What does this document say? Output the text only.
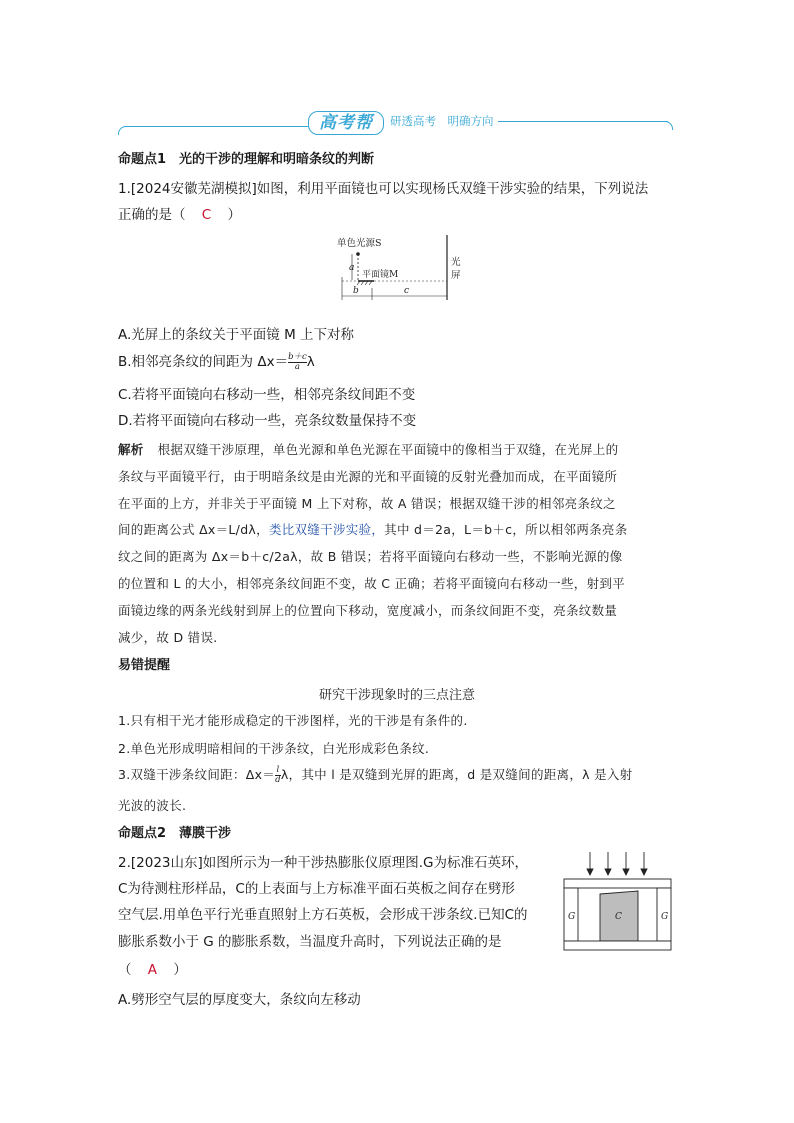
高考帮	研透高考　明确方向
命题点1　光的干涉的理解和明暗条纹的判断
1.[2024安徽芜湖模拟]如图，利用平面镜也可以实现杨氏双缝干涉实验的结果，下列说法
正确的是（ C ）
单色光源S
a
平面镜M
b	c
光
屏
A.光屏上的条纹关于平面镜 M 上下对称
B.相邻亮条纹的间距为 $\Delta x= \frac{b+c}{a}$ λ
C.若将平面镜向右移动一些，相邻亮条纹间距不变
D.若将平面镜向右移动一些，亮条纹数量保持不变
解析 根据双缝干涉原理，单色光源和单色光源在平面镜中的像相当于双缝，在光屏上的
条纹与平面镜平行，由于明暗条纹是由光源的光和平面镜的反射光叠加而成，在平面镜所
在平面的上方，并非关于平面镜 M 上下对称，故 A 错误；根据双缝干涉的相邻亮条纹之
间的距离公式 Δx＝L/dλ，类比双缝干涉实验，其中 d＝2a，L＝b＋c，所以相邻两条亮条
纹之间的距离为 Δx＝b＋c/2aλ，故 B 错误；若将平面镜向右移动一些，不影响光源的像
的位置和 L 的大小，相邻亮条纹间距不变，故 C 正确；若将平面镜向右移动一些，射到平
面镜边缘的两条光线射到屏上的位置向下移动，宽度减小，而条纹间距不变，亮条纹数量
减少，故 D 错误.
易错提醒
研究干涉现象时的三点注意
1.只有相干光才能形成稳定的干涉图样，光的干涉是有条件的.
2.单色光形成明暗相间的干涉条纹，白光形成彩色条纹.
3.双缝干涉条纹间距：$\Delta x= \frac{l}{d}$ λ，其中 l 是双缝到光屏的距离，d 是双缝间的距离，λ 是入射
光波的波长.
命题点2　薄膜干涉
2.[2023山东]如图所示为一种干涉热膨胀仪原理图.G为标准石英环，
C为待测柱形样品，C的上表面与上方标准平面石英板之间存在劈形
空气层.用单色平行光垂直照射上方石英板，会形成干涉条纹.已知C的
膨胀系数小于 G 的膨胀系数，当温度升高时，下列说法正确的是
（ A ）
A.劈形空气层的厚度变大，条纹向左移动
G	C	G
